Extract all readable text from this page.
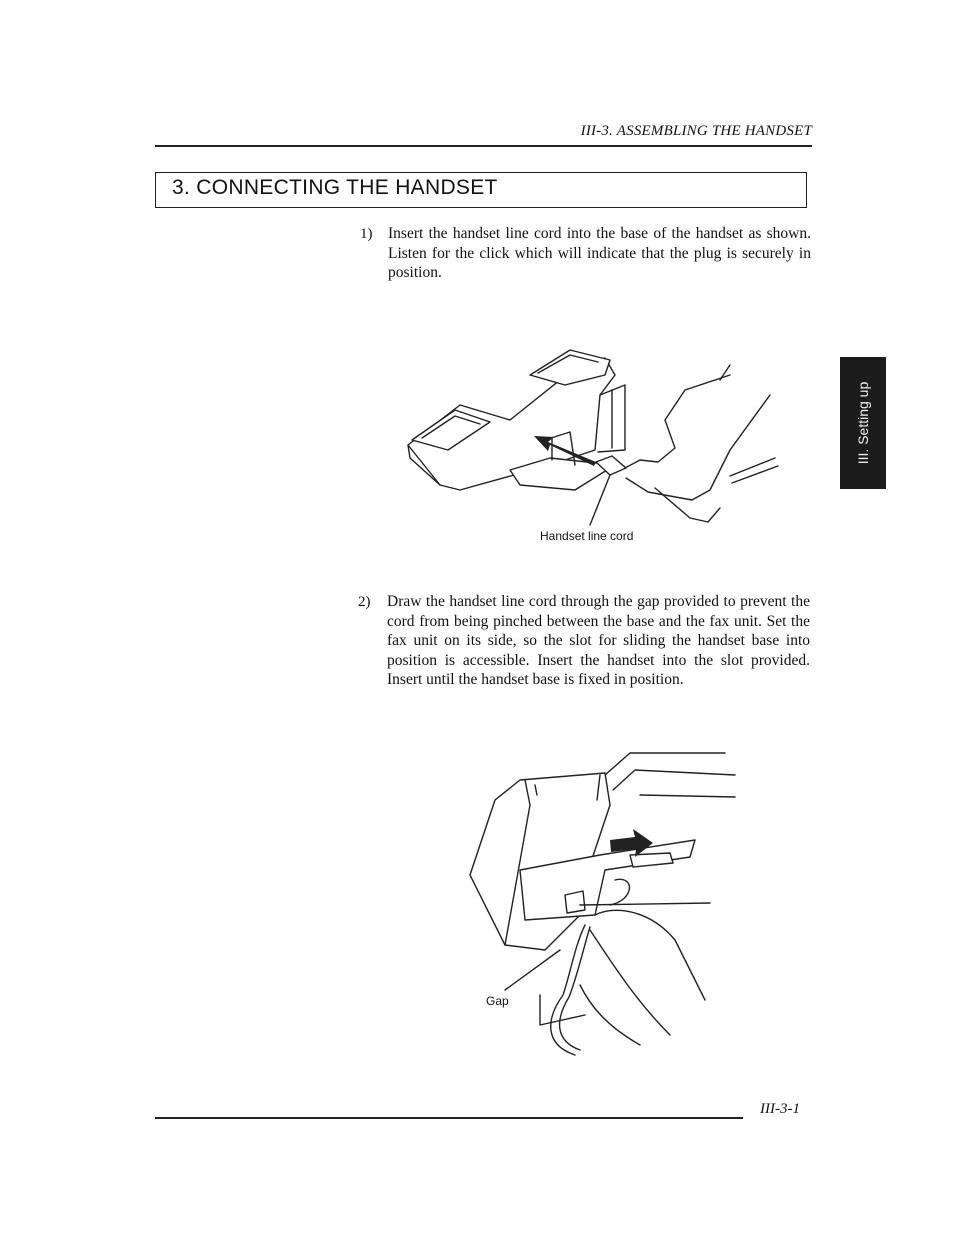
III-3. ASSEMBLING THE HANDSET
3. CONNECTING THE HANDSET
1) Insert the handset line cord into the base of the handset as shown. Listen for the click which will indicate that the plug is securely in position.
Handset line cord
2) Draw the handset line cord through the gap provided to prevent the cord from being pinched between the base and the fax unit. Set the fax unit on its side, so the slot for sliding the handset base into position is accessible. Insert the handset into the slot provided. Insert until the handset base is fixed in position.
Gap
III. Setting up
III-3-1
